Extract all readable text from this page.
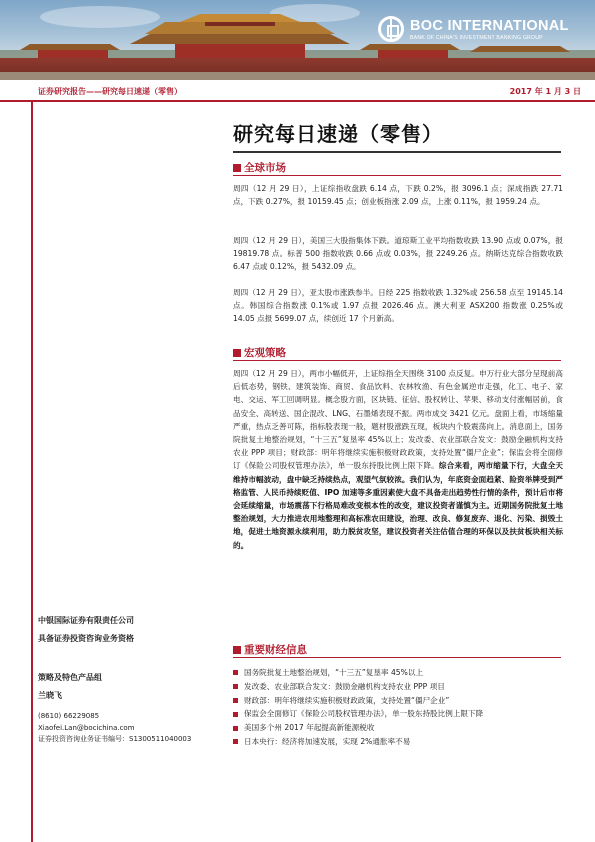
BOC INTERNATIONAL
BANK OF CHINA'S INVESTMENT BANKING GROUP
证券研究报告——研究每日速递（零售）	2017 年 1 月 3 日
研究每日速递（零售）
全球市场

周四（12 月 29 日），上证综指收盘跌 6.14 点，下跌 0.2%，报 3096.1 点；深成指跌 27.71 点，下跌 0.27%，报 10159.45 点；创业板指涨 2.09 点，上涨 0.11%，报 1959.24 点。

周四（12 月 29 日），美国三大股指集体下跌。道琼斯工业平均指数收跌 13.90 点或 0.07%，报 19819.78 点。标普 500 指数收跌 0.66 点或 0.03%，报 2249.26 点。纳斯达克综合指数收跌 6.47 点或 0.12%，报 5432.09 点。

周四（12 月 29 日），亚太股市涨跌参半。日经 225 指数收跌 1.32%或 256.58 点至 19145.14 点。韩国综合指数涨 0.1%或 1.97 点报 2026.46 点。澳大利亚 ASX200 指数涨 0.25%或 14.05 点报 5699.07 点，续创近 17 个月新高。

宏观策略

周四（12 月 29 日），两市小幅低开，上证综指全天围绕 3100 点反复。申万行业大部分呈现前高后低态势，钢铁、建筑装饰、商贸、食品饮料、农林牧渔、有色金属逆市走强，化工、电子、家电、交运、军工回调明显。概念股方面，区块链、征信、股权转让、苹果、移动支付涨幅居前，食品安全、高转送、国企混改、LNG、石墨烯表现不振。两市成交 3421 亿元。盘面上看，市场缩量严重，热点乏善可陈，指标股表现一般，题材股涨跌互现，板块内个股震荡向上。消息面上，国务院批复土地整治规划，“十三五”复垦率 45%以上；发改委、农业部联合发文：鼓励金融机构支持农业 PPP 项目；财政部：明年将继续实施积极财政政策，支持处置“僵尸企业”；保监会将全面修订《保险公司股权管理办法》，单一股东持股比例上限下降。综合来看，两市缩量下行，大盘全天维持市幅波动，盘中缺乏持续热点，观望气氛较浓。我们认为，年底资金面趋紧、险资举牌受到严格监管、人民币持续贬值、IPO 加速等多重因素使大盘不具备走出趋势性行情的条件，预计后市将会延续缩量，市场震荡下行格局难改变根本性的改变，建议投资者谨慎为主。近期国务院批复土地整治规划，大力推进农用地整理和高标准农田建设，治理、改良、修复废弃、退化、污染、损毁土地，促进土地资源永续利用，助力脱贫攻坚，建议投资者关注估值合理的环保以及扶贫板块相关标的。

重要财经信息
国务院批复土地整治规划，“十三五”复垦率 45%以上
发改委、农业部联合发文：鼓励金融机构支持农业 PPP 项目
财政部：明年将继续实施积极财政政策，支持处置“僵尸企业”
保监会全面修订《保险公司股权管理办法》，单一股东持股比例上限下降
美国多个州 2017 年起提高新能源税收
日本央行：经济将加速发展，实现 2%通胀率不易
中银国际证券有限责任公司
具备证券投资咨询业务资格
策略及特色产品组
兰晓飞
(8610) 66229085
Xiaofei.Lan@bocichina.com
证券投资咨询业务证书编号：S1300511040003
